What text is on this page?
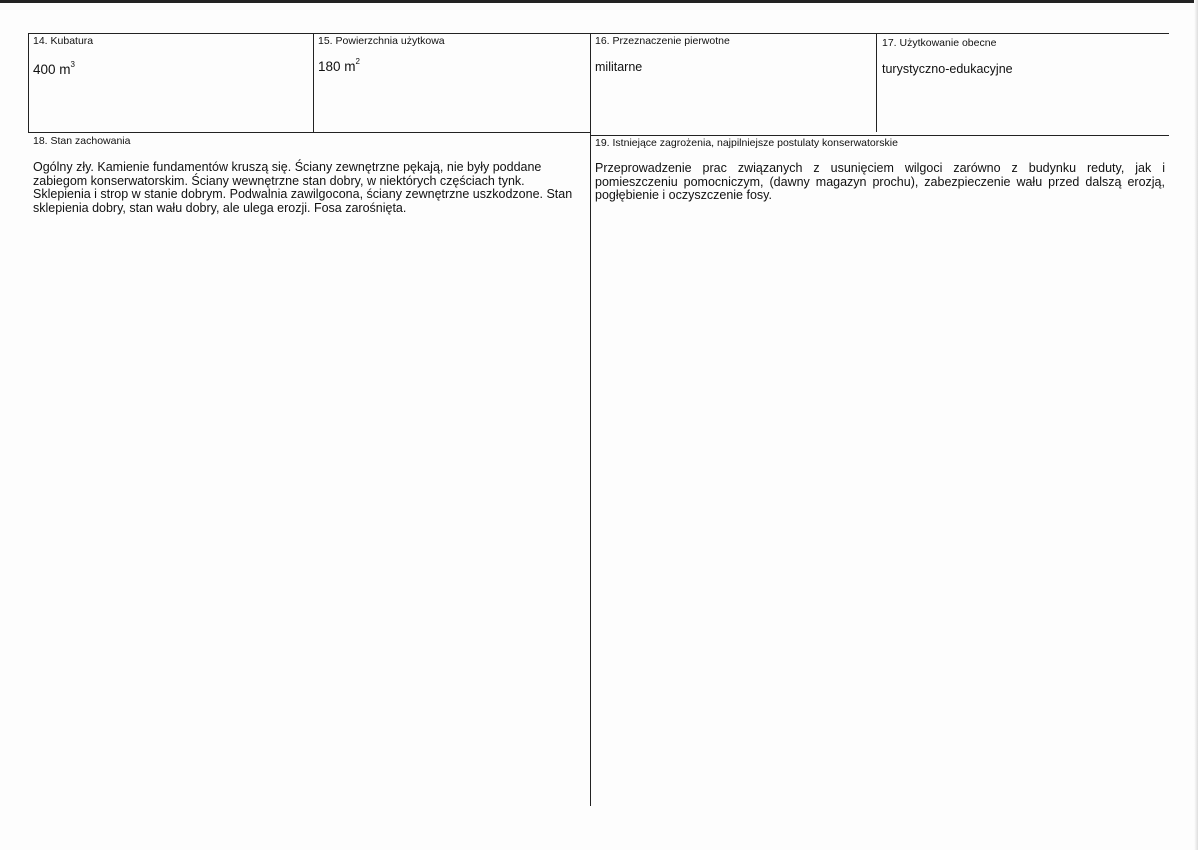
14. Kubatura
400 $m^3$
15. Powierzchnia użytkowa
180 $m^2$
16. Przeznaczenie pierwotne
militarne
17. Użytkowanie obecne
turystyczno-edukacyjne
18. Stan zachowania
Ogólny zły. Kamienie fundamentów kruszą się. Ściany zewnętrzne pękają, nie były poddane zabiegom konserwatorskim. Ściany wewnętrzne stan dobry, w niektórych częściach tynk. Sklepienia i strop w stanie dobrym. Podwalnia zawilgocona, ściany zewnętrzne uszkodzone. Stan sklepienia dobry, stan wału dobry, ale ulega erozji. Fosa zarośnięta.
19. Istniejące zagrożenia, najpilniejsze postulaty konserwatorskie
Przeprowadzenie prac związanych z usunięciem wilgoci zarówno z budynku reduty, jak i pomieszczeniu pomocniczym, (dawny magazyn prochu), zabezpieczenie wału przed dalszą erozją, pogłębienie i oczyszczenie fosy.
